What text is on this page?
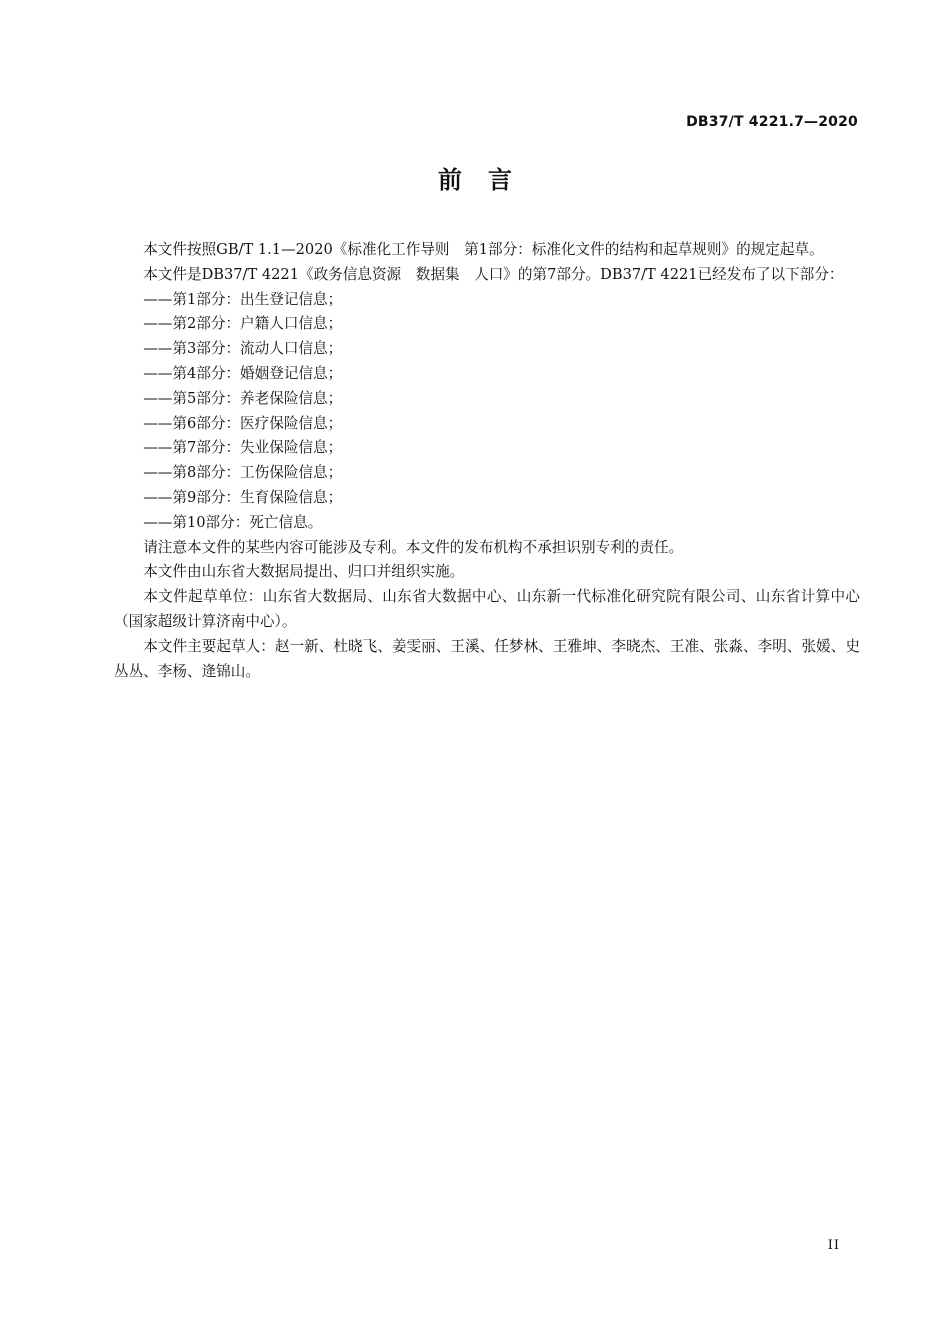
DB37/T 4221.7—2020
前言

本文件按照GB/T 1.1—2020《标准化工作导则　第1部分：标准化文件的结构和起草规则》的规定起草。

本文件是DB37/T 4221《政务信息资源　数据集　人口》的第7部分。DB37/T 4221已经发布了以下部分：

——第1部分：出生登记信息；

——第2部分：户籍人口信息；

——第3部分：流动人口信息；

——第4部分：婚姻登记信息；

——第5部分：养老保险信息；

——第6部分：医疗保险信息；

——第7部分：失业保险信息；

——第8部分：工伤保险信息；

——第9部分：生育保险信息；

——第10部分：死亡信息。

请注意本文件的某些内容可能涉及专利。本文件的发布机构不承担识别专利的责任。

本文件由山东省大数据局提出、归口并组织实施。

本文件起草单位：山东省大数据局、山东省大数据中心、山东新一代标准化研究院有限公司、山东省计算中心（国家超级计算济南中心）。

本文件主要起草人：赵一新、杜晓飞、姜雯丽、王溪、任梦林、王雅坤、李晓杰、王准、张淼、李明、张媛、史丛丛、李杨、逄锦山。

II
